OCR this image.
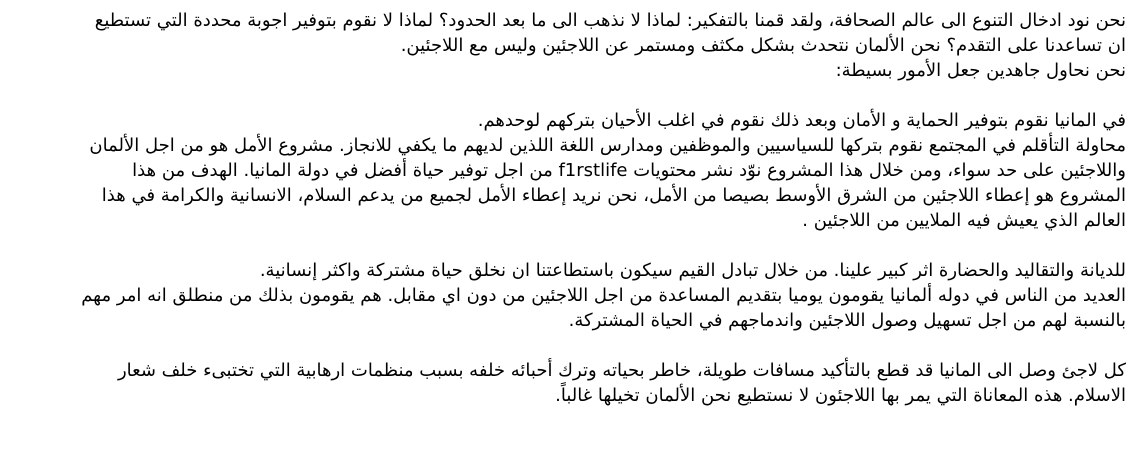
نحن نود ادخال التنوع الى عالم الصحافة، ولقد قمنا بالتفكير: لماذا لا نذهب الى ما بعد الحدود؟ لماذا لا نقوم بتوفير اجوبة محددة التي تستطيع
ان تساعدنا على التقدم؟ نحن الألمان نتحدث بشكل مكثف ومستمر عن اللاجئين وليس مع اللاجئين.
نحن نحاول جاهدين جعل الأمور بسيطة:
في المانيا نقوم بتوفير الحماية و الأمان وبعد ذلك نقوم في اغلب الأحيان بتركهم لوحدهم.
محاولة التأقلم في المجتمع نقوم بتركها للسياسيين والموظفين ومدارس اللغة اللذين لديهم ما يكفي للانجاز. مشروع الأمل هو من اجل الألمان
واللاجئين على حد سواء، ومن خلال هذا المشروع نوّد نشر محتويات f1rstlife من اجل توفير حياة أفضل في دولة المانيا. الهدف من هذا
المشروع هو إعطاء اللاجئين من الشرق الأوسط بصيصا من الأمل، نحن نريد إعطاء الأمل لجميع من يدعم السلام، الانسانية والكرامة في هذا
العالم الذي يعيش فيه الملايين من اللاجئين .
للديانة والتقاليد والحضارة اثر كبير علينا. من خلال تبادل القيم سيكون باستطاعتنا ان نخلق حياة مشتركة واكثر إنسانية.
العديد من الناس في دوله ألمانيا يقومون يوميا بتقديم المساعدة من اجل اللاجئين من دون اي مقابل. هم يقومون بذلك من منطلق انه امر مهم
بالنسبة لهم من اجل تسهيل وصول اللاجئين واندماجهم في الحياة المشتركة.
كل لاجئ وصل الى المانيا قد قطع بالتأكيد مسافات طويلة، خاطر بحياته وترك أحبائه خلفه بسبب منظمات ارهابية التي تختبىء خلف شعار
الاسلام. هذه المعاناة التي يمر بها اللاجئون لا نستطيع نحن الألمان تخيلها غالباً.
